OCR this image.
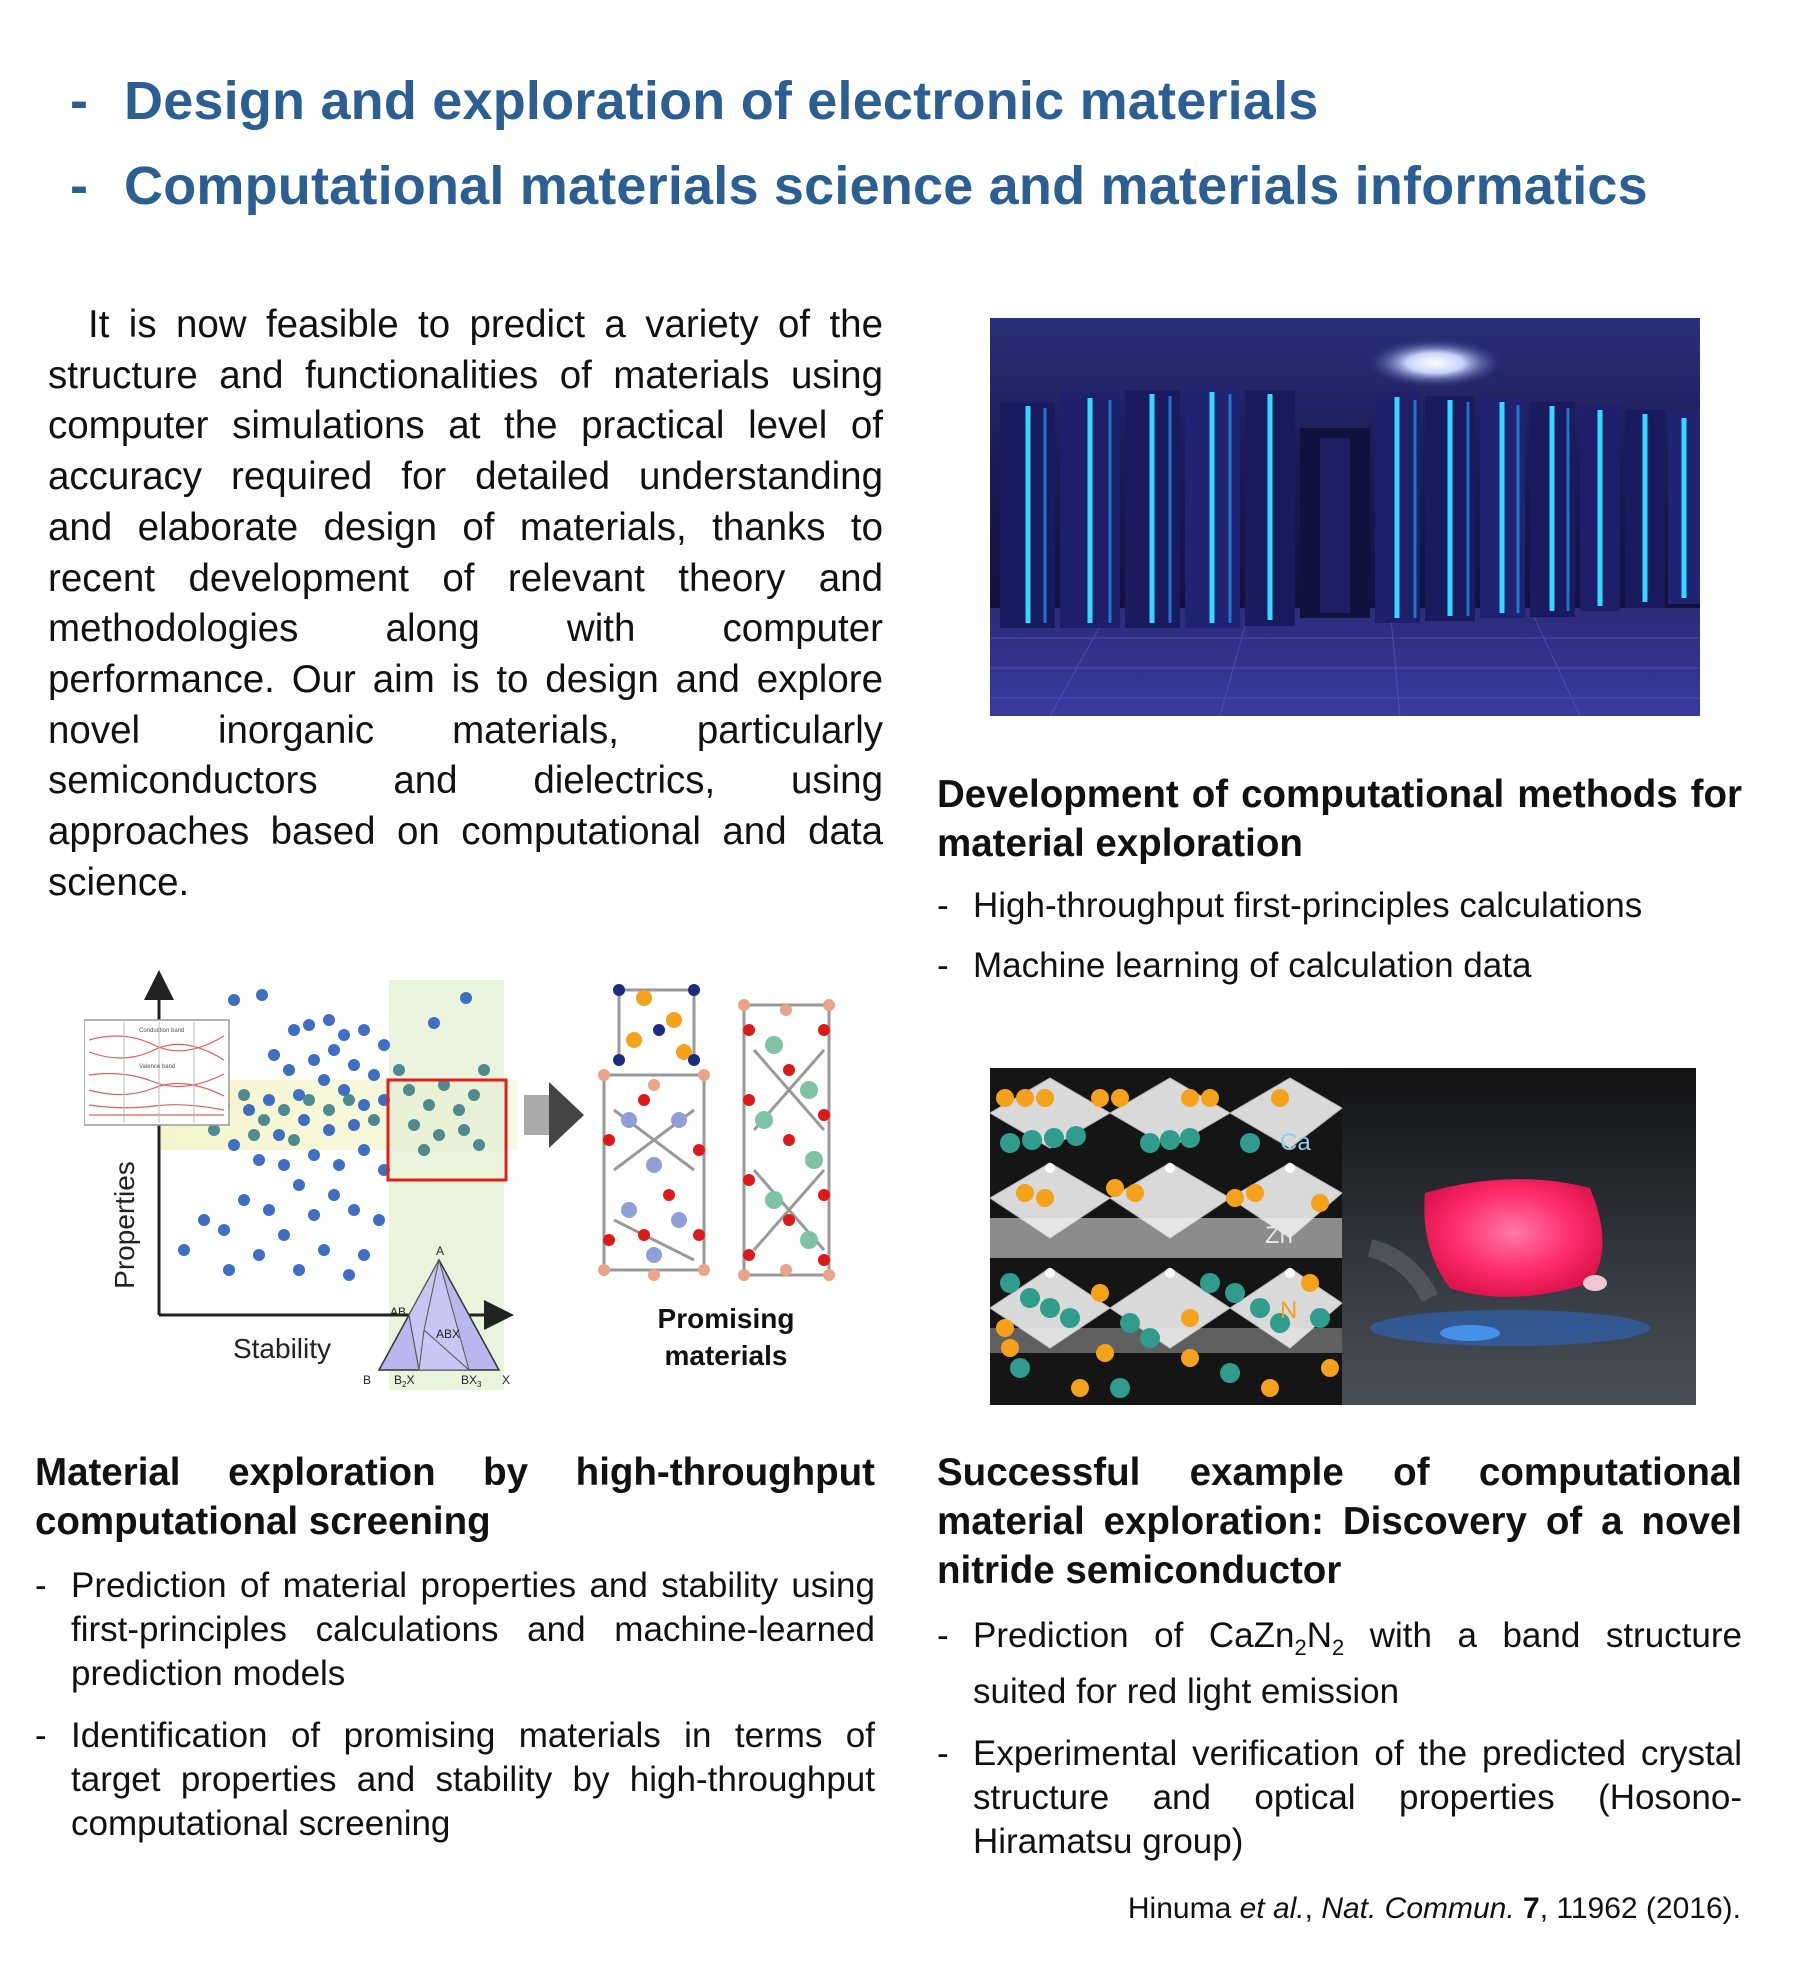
- Design and exploration of electronic materials
- Computational materials science and materials informatics
It is now feasible to predict a variety of the structure and functionalities of materials using computer simulations at the practical level of accuracy required for detailed understanding and elaborate design of materials, thanks to recent development of relevant theory and methodologies along with computer performance. Our aim is to design and explore novel inorganic materials, particularly semiconductors and dielectrics, using approaches based on computational and data science.
Development of computational methods for material exploration
- High-throughput first-principles calculations
- Machine learning of calculation data
Conduction band
Valence band
Properties
Stability
A
AB
ABX
B $B_2X$	$BX_3$ X
Promising
materials
Ca
Zn
N
Material exploration by high-throughput computational screening
- Prediction of material properties and stability using first-principles calculations and machine-learned prediction models
- Identification of promising materials in terms of target properties and stability by high-throughput computational screening
Successful example of computational material exploration: Discovery of a novel nitride semiconductor
- Prediction of $CaZn_2N_2$ with a band structure suited for red light emission
- Experimental verification of the predicted crystal structure and optical properties (Hosono-Hiramatsu group)
Hinuma et al., Nat. Commun. 7, 11962 (2016).
